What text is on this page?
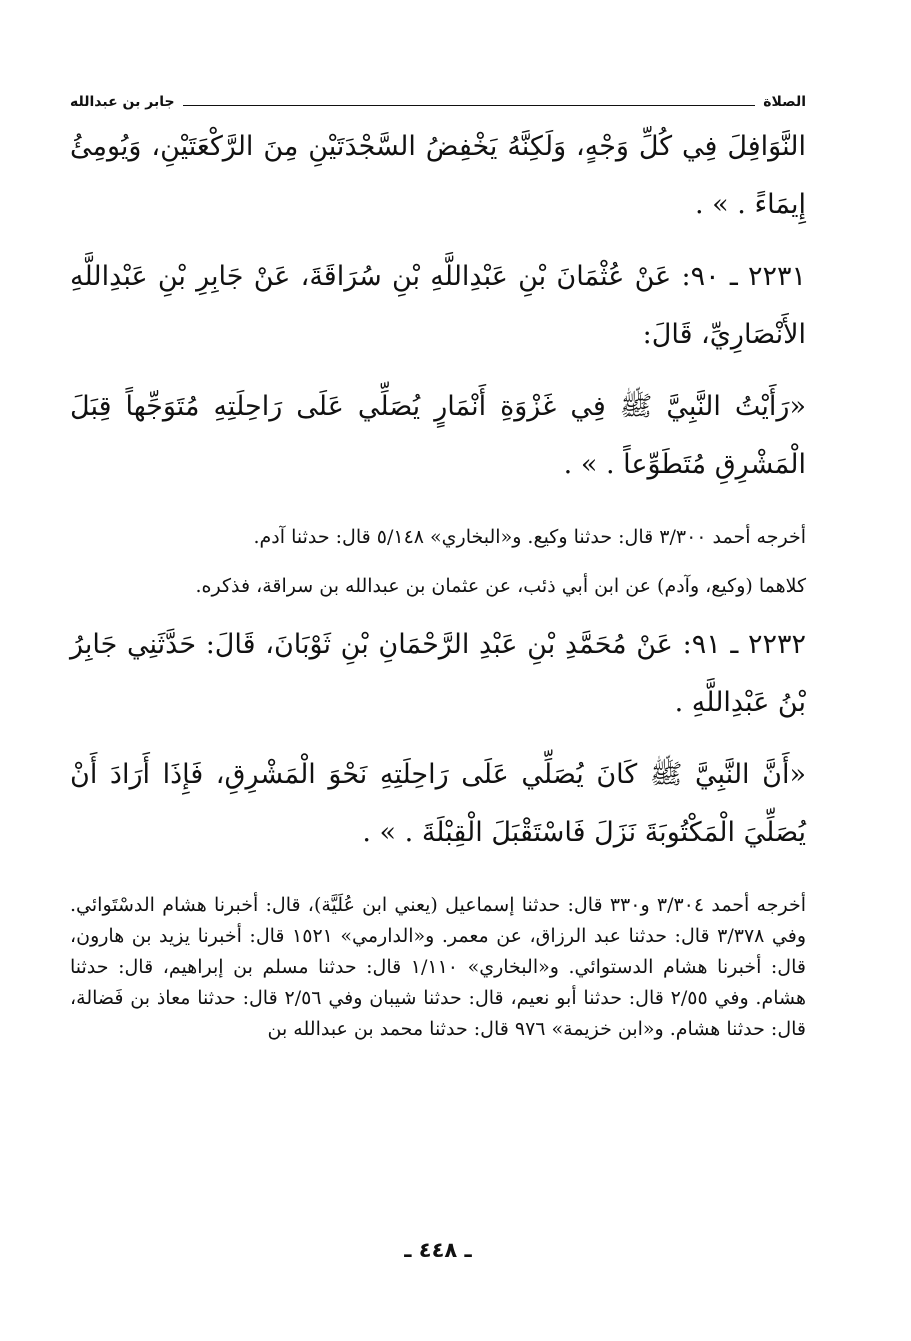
الصلاة
جابر بن عبدالله

النَّوَافِلَ فِي كُلِّ وَجْهٍ، وَلَكِنَّهُ يَخْفِضُ السَّجْدَتَيْنِ مِنَ الرَّكْعَتَيْنِ، وَيُومِئُ إِيمَاءً . » .

٢٢٣١ ـ ٩٠: عَنْ عُثْمَانَ بْنِ عَبْدِاللَّهِ بْنِ سُرَاقَةَ، عَنْ جَابِرِ بْنِ عَبْدِاللَّهِ الأَنْصَارِيِّ، قَالَ:

«رَأَيْتُ النَّبِيَّ ﷺ فِي غَزْوَةِ أَنْمَارٍ يُصَلِّي عَلَى رَاحِلَتِهِ مُتَوَجِّهاً قِبَلَ الْمَشْرِقِ مُتَطَوِّعاً . » .

أخرجه أحمد ٣/٣٠٠ قال: حدثنا وكيع. و«البخاري» ٥/١٤٨ قال: حدثنا آدم.

كلاهما (وكيع، وآدم) عن ابن أبي ذئب، عن عثمان بن عبدالله بن سراقة، فذكره.

٢٢٣٢ ـ ٩١: عَنْ مُحَمَّدِ بْنِ عَبْدِ الرَّحْمَانِ بْنِ ثَوْبَانَ، قَالَ: حَدَّثَنِي جَابِرُ بْنُ عَبْدِاللَّهِ .

«أَنَّ النَّبِيَّ ﷺ كَانَ يُصَلِّي عَلَى رَاحِلَتِهِ نَحْوَ الْمَشْرِقِ، فَإِذَا أَرَادَ أَنْ يُصَلِّيَ الْمَكْتُوبَةَ نَزَلَ فَاسْتَقْبَلَ الْقِبْلَةَ . » .

أخرجه أحمد ٣/٣٠٤ و٣٣٠ قال: حدثنا إسماعيل (يعني ابن عُلَيَّة)، قال: أخبرنا هشام الدسْتَوائي. وفي ٣/٣٧٨ قال: حدثنا عبد الرزاق، عن معمر. و«الدارمي» ١٥٢١ قال: أخبرنا يزيد بن هارون، قال: أخبرنا هشام الدستوائي. و«البخاري» ١/١١٠ قال: حدثنا مسلم بن إبراهيم، قال: حدثنا هشام. وفي ٢/٥٥ قال: حدثنا أبو نعيم، قال: حدثنا شيبان وفي ٢/٥٦ قال: حدثنا معاذ بن فَضالة، قال: حدثنا هشام. و«ابن خزيمة» ٩٧٦ قال: حدثنا محمد بن عبدالله بن

ـ ٤٤٨ ـ
